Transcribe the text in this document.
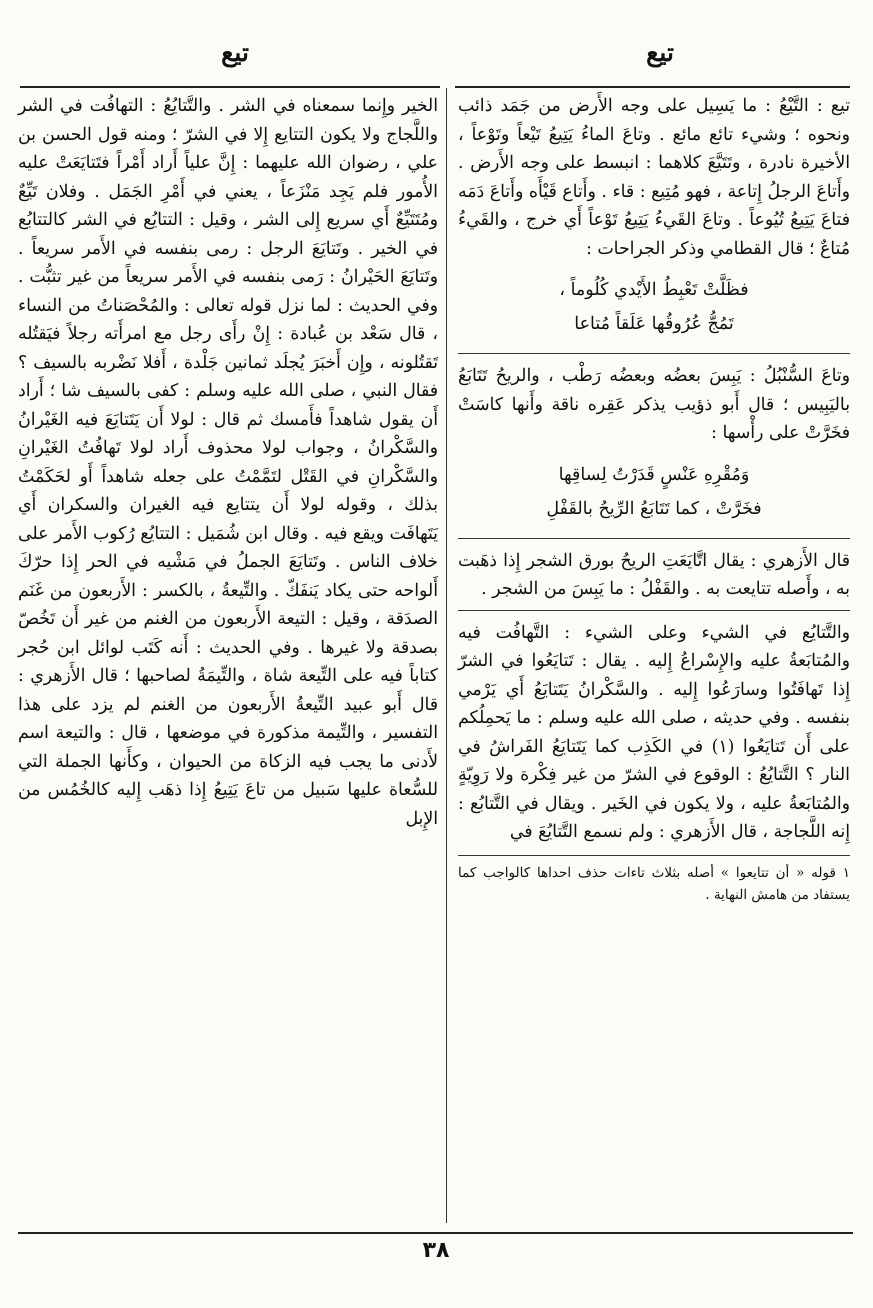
تيع
تيع

تيع : التَّيْعُ : ما يَسِيل على وجه الأَرض من جَمَد ذائب ونحوه ؛ وشيء تائع مائع . وتاعَ الماءُ يَتِيعُ تَيْعاً وتَوْعاً ، الأخيرة نادرة ، وتَتَيَّعَ كلاهما : انبسط على وجه الأَرض . وأَتاعَ الرجلُ إِتاعة ، فهو مُتِيع : قاء . وأَتاع قَيْأَه وأَتاعَ دَمَه فتاعَ يَتِيعُ تُيُوعاً . وتاعَ القَيءُ يَتِيعُ تَوْعاً أَي خرج ، والقَيءُ مُتاعٌ ؛ قال القطامي وذكر الجراحات :

فظَلَّتْ تَعْبِطُ الأَيْدي كُلُوماً ،
تَمُجُّ عُرُوقُها عَلَقاً مُتاعا

وتاعَ السُّنْبُلُ : يَبِسَ بعضُه وبعضُه رَطْب ، والريحُ تَتَابَعُ باليَبِيس ؛ قال أَبو ذؤيب يذكر عَقِره ناقة وأَنها كاسَتْ فخَرَّتْ على رأْسها :

وَمُقْرِهِ عَنْسٍ قَدَرْتُ لِساقِها
فخَرَّتْ ، كما تَتَابَعُ الرِّيحُ بالقَفْلِ

قال الأَزهري : يقال اتَّايَعَتِ الريحُ بورق الشجر إِذا ذهَبت به ، وأَصله تتايعت به . والقَفْلُ : ما يَبِسَ من الشجر .

والتَّتايُع في الشيء وعلى الشيء : التَّهافُت فيه والمُتابَعةُ عليه والإِسْراعُ إِليه . يقال : تَتايَعُوا في الشرّ إِذا تَهافَتُوا وسارَعُوا إِليه . والسَّكْرانُ يَتَتايَعُ أَي يَرْمي بنفسه . وفي حديثه ، صلى الله عليه وسلم : ما يَحمِلُكم على أَن تَتايَعُوا (١) في الكَذِب كما يَتَتايَعُ الفَراشُ في النار ؟ التَّتايُعُ : الوقوع في الشرّ من غير فِكْرة ولا رَوِيّةٍ والمُتابَعةُ عليه ، ولا يكون في الخَير . ويقال في التَّتابُع : إِنه اللَّجاجة ، قال الأَزهري : ولم نسمع التَّتايُعَ في

١ قوله « أن تتايعوا » أصله بثلاث تاءات حذف احداها كالواجب كما يستفاد من هامش النهاية .

الخير وإِنما سمعناه في الشر . والتَّتايُعُ : التهافُت في الشر واللَّجاج ولا يكون التتايع إِلا في الشرّ ؛ ومنه قول الحسن بن علي ، رضوان الله عليهما : إِنَّ علياً أَراد أَمْراً فتَتايَعَتْ عليه الأُمور فلم يَجِد مَنْزَعاً ، يعني في أَمْرِ الجَمَل . وفلان تَيِّعٌ ومُتَتَيِّعٌ أَي سريع إِلى الشر ، وقيل : التتايُع في الشر كالتتابُع في الخير . وتَتايَعَ الرجل : رمى بنفسه في الأَمر سريعاً . وتَتايَعَ الحَيْرانُ : رَمى بنفسه في الأَمر سريعاً من غير تثبُّت . وفي الحديث : لما نزل قوله تعالى : والمُحْصَناتُ من النساء ، قال سَعْد بن عُبادة : إِنْ رأَى رجل مع امرأَته رجلاً فيَقتُله تَقتُلونه ، وإِن أَخبَرَ يُجلَد ثمانين جَلْدة ، أَفلا نَضْربه بالسيف ؟ فقال النبي ، صلى الله عليه وسلم : كفى بالسيف شا ؛ أَراد أَن يقول شاهداً فأَمسك ثم قال : لولا أَن يَتَتايَعَ فيه الغَيْرانُ والسَّكْرانُ ، وجواب لولا محذوف أَراد لولا تَهافُتُ الغَيْرانِ والسَّكْرانِ في القَتْل لتَمَّمْتُ على جعله شاهداً أَو لحَكَمْتُ بذلك ، وقوله لولا أَن يتتايع فيه الغيران والسكران أَي يَتَهافَت ويقع فيه . وقال ابن شُمَيل : التتايُع رُكوب الأَمر على خلاف الناس . وتَتايَعَ الجملُ في مَشْيه في الحر إِذا حرّكَ أَلواحه حتى يكاد يَنفَكّ . والتِّيعةُ ، بالكسر : الأَربعون من غَنَم الصدَقة ، وقيل : التيعة الأَربعون من الغنم من غير أَن تَخُصّ بصدقة ولا غيرها . وفي الحديث : أَنه كَتَب لوائل ابن حُجر كتاباً فيه على التِّيعة شاة ، والتِّيمَةُ لصاحبها ؛ قال الأَزهري : قال أَبو عبيد التِّيعةُ الأَربعون من الغنم لم يزد على هذا التفسير ، والتِّيمة مذكورة في موضعها ، قال : والتيعة اسم لأَدنى ما يجب فيه الزكاة من الحيوان ، وكأَنها الجملة التي للسُّعاة عليها سَبيل من تاعَ يَتِيعُ إِذا ذهَب إِليه كالخُمُس من الإِبل

٣٨
